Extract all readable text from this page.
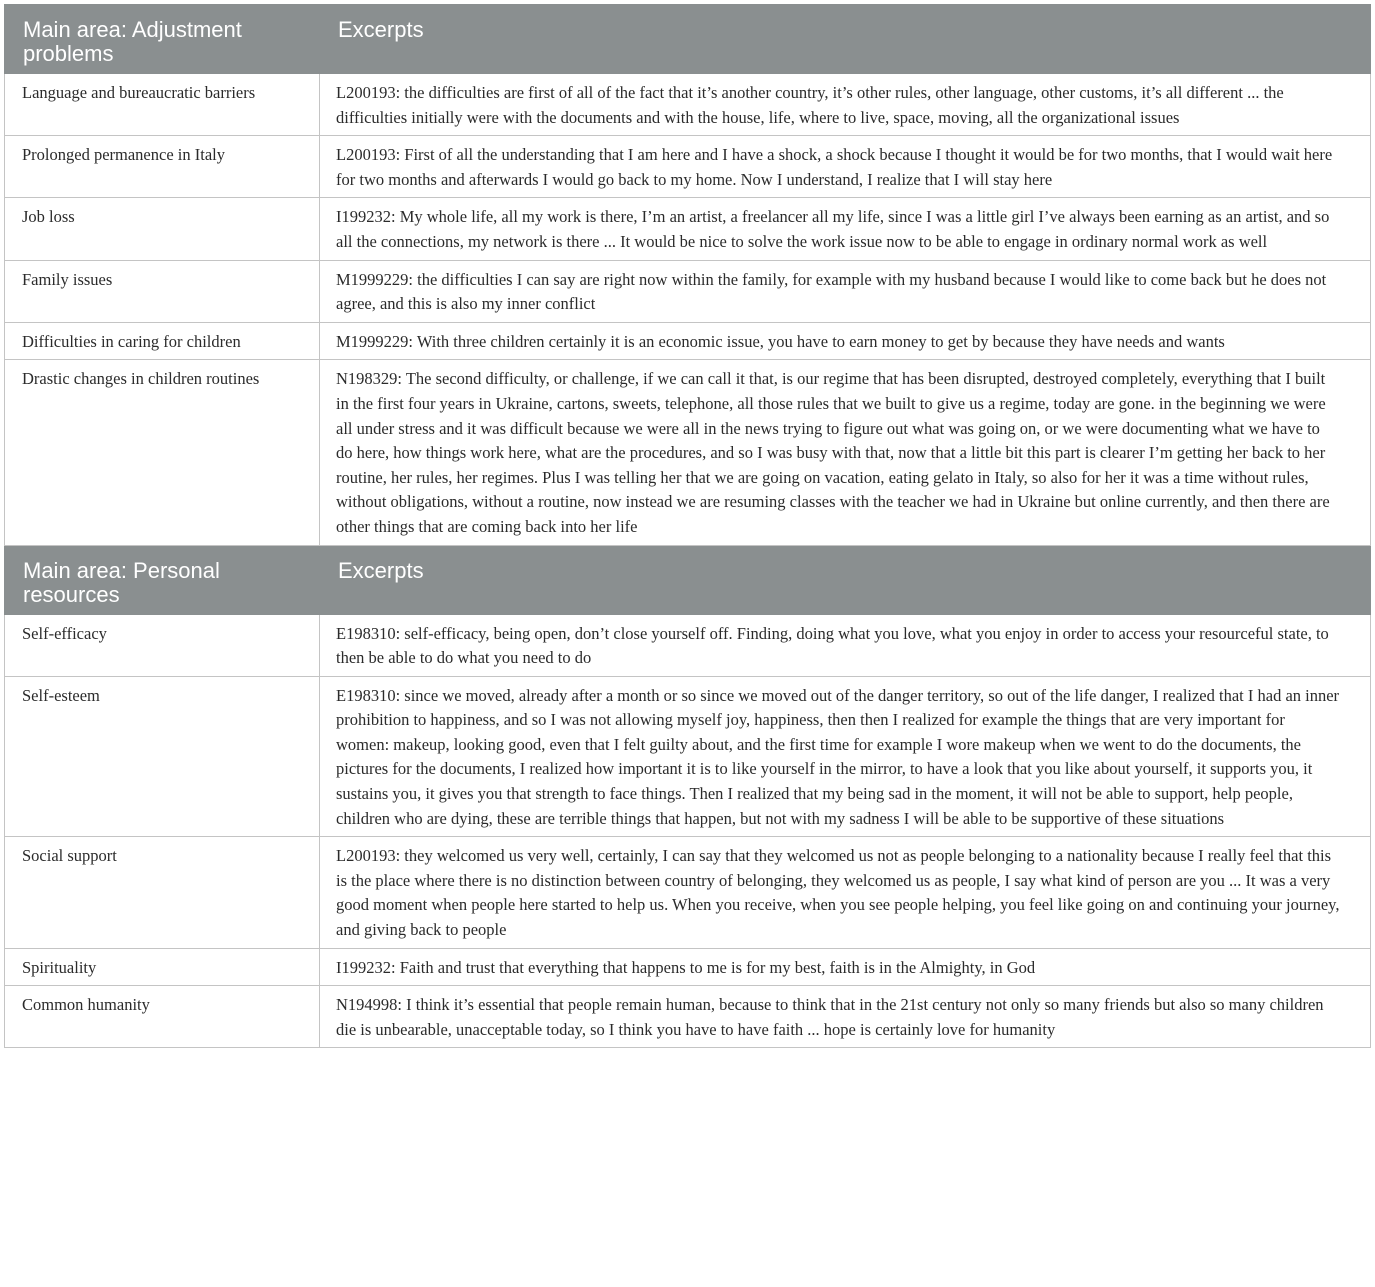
Main area: Adjustment problems	Excerpts
Language and bureaucratic barriers	L200193: the difficulties are first of all of the fact that it’s another country, it’s other rules, other language, other customs, it’s all different ... the difficulties initially were with the documents and with the house, life, where to live, space, moving, all the organizational issues
Prolonged permanence in Italy	L200193: First of all the understanding that I am here and I have a shock, a shock because I thought it would be for two months, that I would wait here for two months and afterwards I would go back to my home. Now I understand, I realize that I will stay here
Job loss	I199232: My whole life, all my work is there, I’m an artist, a freelancer all my life, since I was a little girl I’ve always been earning as an artist, and so all the connections, my network is there ... It would be nice to solve the work issue now to be able to engage in ordinary normal work as well
Family issues	M1999229: the difficulties I can say are right now within the family, for example with my husband because I would like to come back but he does not agree, and this is also my inner conflict
Difficulties in caring for children	M1999229: With three children certainly it is an economic issue, you have to earn money to get by because they have needs and wants
Drastic changes in children routines	N198329: The second difficulty, or challenge, if we can call it that, is our regime that has been disrupted, destroyed completely, everything that I built in the first four years in Ukraine, cartons, sweets, telephone, all those rules that we built to give us a regime, today are gone. in the beginning we were all under stress and it was difficult because we were all in the news trying to figure out what was going on, or we were documenting what we have to do here, how things work here, what are the procedures, and so I was busy with that, now that a little bit this part is clearer I’m getting her back to her routine, her rules, her regimes. Plus I was telling her that we are going on vacation, eating gelato in Italy, so also for her it was a time without rules, without obligations, without a routine, now instead we are resuming classes with the teacher we had in Ukraine but online currently, and then there are other things that are coming back into her life
Main area: Personal resources	Excerpts
Self-efficacy	E198310: self-efficacy, being open, don’t close yourself off. Finding, doing what you love, what you enjoy in order to access your resourceful state, to then be able to do what you need to do
Self-esteem	E198310: since we moved, already after a month or so since we moved out of the danger territory, so out of the life danger, I realized that I had an inner prohibition to happiness, and so I was not allowing myself joy, happiness, then then I realized for example the things that are very important for women: makeup, looking good, even that I felt guilty about, and the first time for example I wore makeup when we went to do the documents, the pictures for the documents, I realized how important it is to like yourself in the mirror, to have a look that you like about yourself, it supports you, it sustains you, it gives you that strength to face things. Then I realized that my being sad in the moment, it will not be able to support, help people, children who are dying, these are terrible things that happen, but not with my sadness I will be able to be supportive of these situations
Social support	L200193: they welcomed us very well, certainly, I can say that they welcomed us not as people belonging to a nationality because I really feel that this is the place where there is no distinction between country of belonging, they welcomed us as people, I say what kind of person are you ... It was a very good moment when people here started to help us. When you receive, when you see people helping, you feel like going on and continuing your journey, and giving back to people
Spirituality	I199232: Faith and trust that everything that happens to me is for my best, faith is in the Almighty, in God
Common humanity	N194998: I think it’s essential that people remain human, because to think that in the 21st century not only so many friends but also so many children die is unbearable, unacceptable today, so I think you have to have faith ... hope is certainly love for humanity
